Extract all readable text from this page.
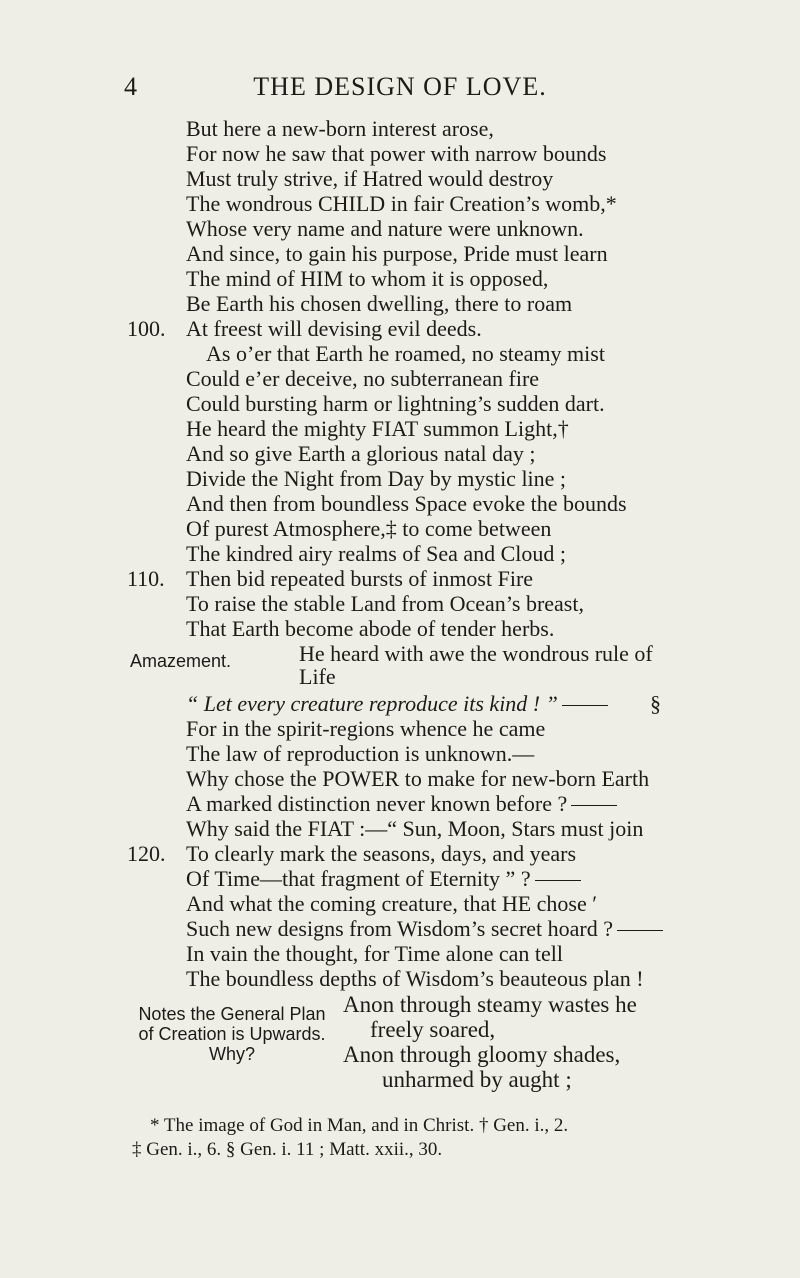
4	THE DESIGN OF LOVE.
But here a new-born interest arose,
For now he saw that power with narrow bounds
Must truly strive, if Hatred would destroy
The wondrous CHILD in fair Creation’s womb,*
Whose very name and nature were unknown.
And since, to gain his purpose, Pride must learn
The mind of HIM to whom it is opposed,
Be Earth his chosen dwelling, there to roam
100. At freest will devising evil deeds.
As o’er that Earth he roamed, no steamy mist
Could e’er deceive, no subterranean fire
Could bursting harm or lightning’s sudden dart.
He heard the mighty FIAT summon Light,†
And so give Earth a glorious natal day ;
Divide the Night from Day by mystic line ;
And then from boundless Space evoke the bounds
Of purest Atmosphere,‡ to come between
The kindred airy realms of Sea and Cloud ;
110. Then bid repeated bursts of inmost Fire
To raise the stable Land from Ocean’s breast,
That Earth become abode of tender herbs.
Amazement.	He heard with awe the wondrous rule of
Life
“ Let every creature reproduce its kind ! ”	§
For in the spirit-regions whence he came
The law of reproduction is unknown.—
Why chose the POWER to make for new-born Earth
A marked distinction never known before ?
Why said the FIAT :—“ Sun, Moon, Stars must join
120. To clearly mark the seasons, days, and years
Of Time—that fragment of Eternity ” ?
And what the coming creature, that HE chose ′
Such new designs from Wisdom’s secret hoard ?
In vain the thought, for Time alone can tell
The boundless depths of Wisdom’s beauteous plan !
Notes the General Plan
of Creation is Upwards.
Why?
Anon through steamy wastes he
freely soared,
Anon through gloomy shades,
unharmed by aught ;
* The image of God in Man, and in Christ. † Gen. i., 2.
‡ Gen. i., 6. § Gen. i. 11 ; Matt. xxii., 30.
